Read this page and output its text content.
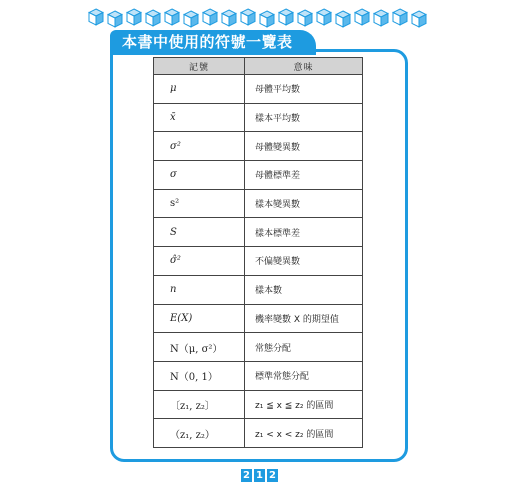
本書中使用的符號一覽表
記號	意味
μ	母體平均數
x̄	樣本平均數
σ²	母體變異數
σ	母體標準差
s²	樣本變異數
S	樣本標準差
σ̂²	不偏變異數
n	樣本數
E(X)	機率變數 X 的期望值
N（μ, σ²）	常態分配
N（0, 1）	標準常態分配
〔z₁, z₂〕	z₁ ≦ x ≦ z₂ 的區間
（z₁, z₂）	z₁ < x < z₂ 的區間
2 1 2
